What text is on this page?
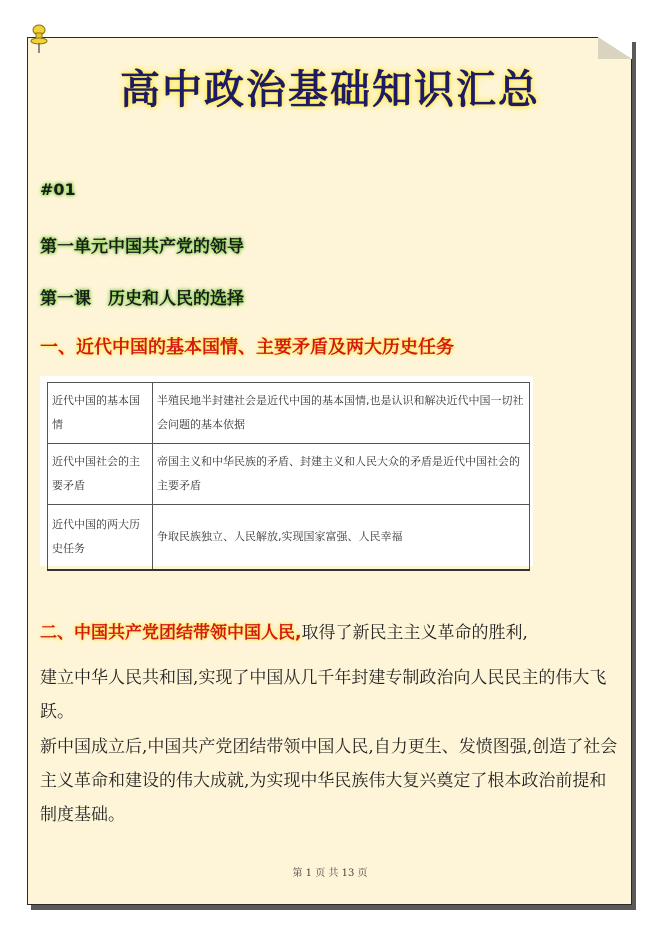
高中政治基础知识汇总
#01
第一单元中国共产党的领导
第一课　历史和人民的选择
一、近代中国的基本国情、主要矛盾及两大历史任务
近代中国的基本国情	半殖民地半封建社会是近代中国的基本国情,也是认识和解决近代中国一切社会问题的基本依据
近代中国社会的主要矛盾	帝国主义和中华民族的矛盾、封建主义和人民大众的矛盾是近代中国社会的主要矛盾
近代中国的两大历史任务	争取民族独立、人民解放,实现国家富强、人民幸福
二、中国共产党团结带领中国人民,取得了新民主主义革命的胜利,
建立中华人民共和国,实现了中国从几千年封建专制政治向人民民主的伟大飞跃。
新中国成立后,中国共产党团结带领中国人民,自力更生、发愤图强,创造了社会主义革命和建设的伟大成就,为实现中华民族伟大复兴奠定了根本政治前提和制度基础。
第 1 页 共 13 页
